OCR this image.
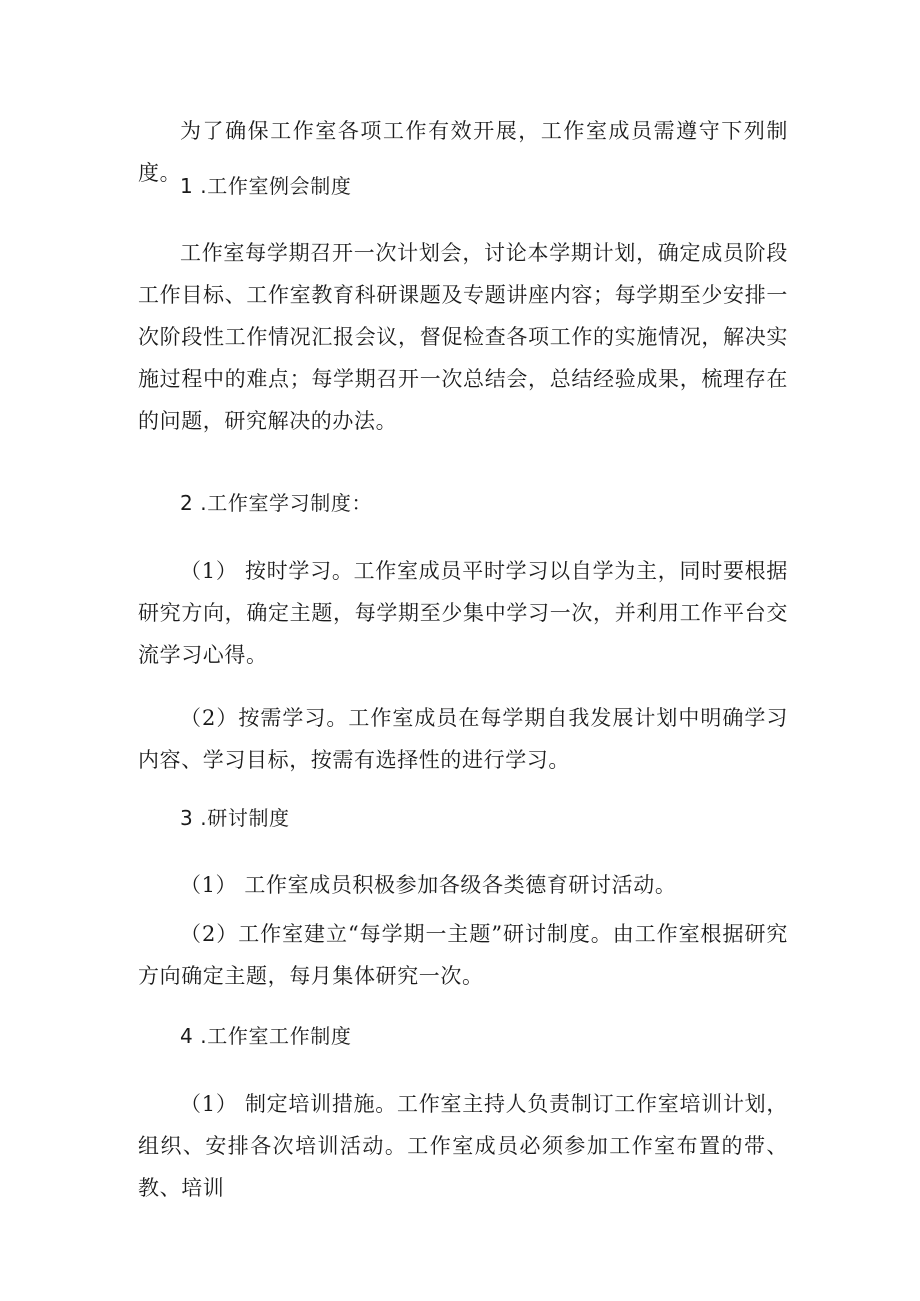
为了确保工作室各项工作有效开展，工作室成员需遵守下列制度。

1 .工作室例会制度

工作室每学期召开一次计划会，讨论本学期计划，确定成员阶段工作目标、工作室教育科研课题及专题讲座内容；每学期至少安排一次阶段性工作情况汇报会议，督促检查各项工作的实施情况，解决实施过程中的难点；每学期召开一次总结会，总结经验成果，梳理存在的问题，研究解决的办法。

2 .工作室学习制度：

（1） 按时学习。工作室成员平时学习以自学为主，同时要根据研究方向，确定主题，每学期至少集中学习一次，并利用工作平台交流学习心得。

（2）按需学习。工作室成员在每学期自我发展计划中明确学习内容、学习目标，按需有选择性的进行学习。

3 .研讨制度

（1） 工作室成员积极参加各级各类德育研讨活动。

（2）工作室建立“每学期一主题”研讨制度。由工作室根据研究方向确定主题，每月集体研究一次。

4 .工作室工作制度

（1） 制定培训措施。工作室主持人负责制订工作室培训计划，组织、安排各次培训活动。工作室成员必须参加工作室布置的带、教、培训
